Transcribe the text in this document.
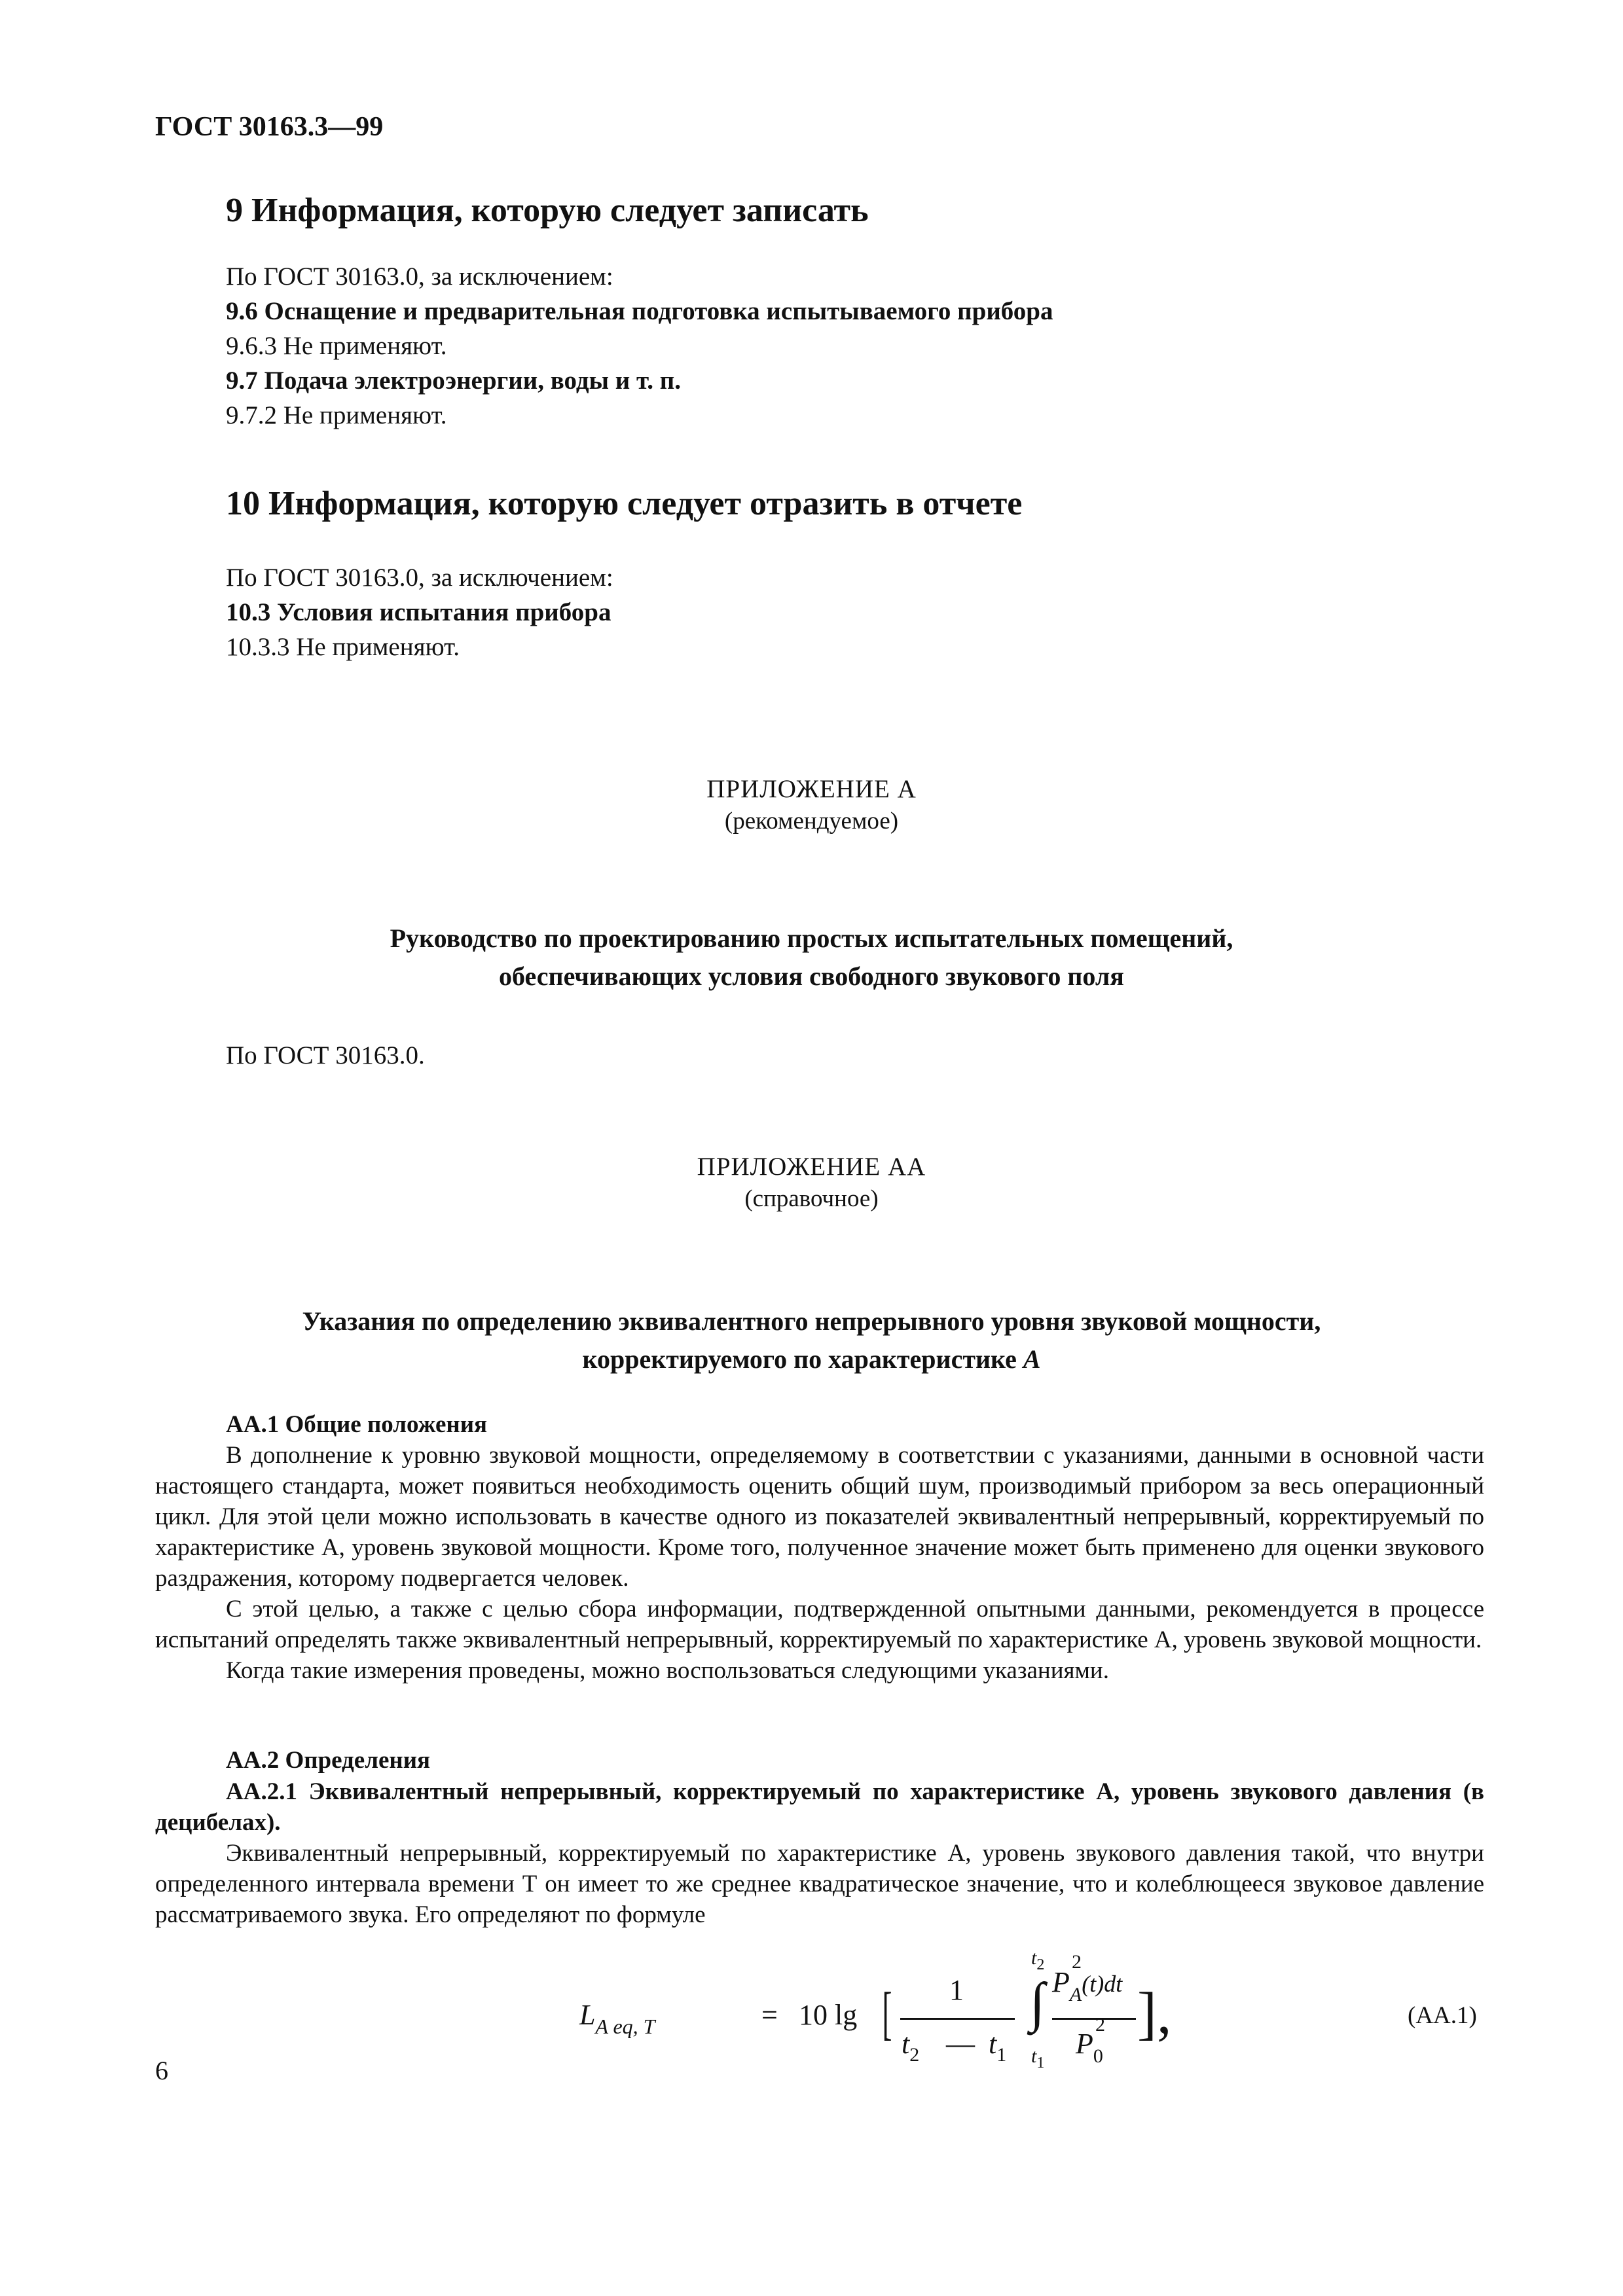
ГОСТ 30163.3—99
9 Информация, которую следует записать
По ГОСТ 30163.0, за исключением:
9.6 Оснащение и предварительная подготовка испытываемого прибора
9.6.3 Не применяют.
9.7 Подача электроэнергии, воды и т. п.
9.7.2 Не применяют.
10 Информация, которую следует отразить в отчете
По ГОСТ 30163.0, за исключением:
10.3 Условия испытания прибора
10.3.3 Не применяют.
ПРИЛОЖЕНИЕ А
(рекомендуемое)
Руководство по проектированию простых испытательных помещений,
обеспечивающих условия свободного звукового поля
По ГОСТ 30163.0.
ПРИЛОЖЕНИЕ АА
(справочное)
Указания по определению эквивалентного непрерывного уровня звуковой мощности,
корректируемого по характеристике А
АА.1 Общие положения
В дополнение к уровню звуковой мощности, определяемому в соответствии с указаниями, данными в основной части настоящего стандарта, может появиться необходимость оценить общий шум, производимый прибором за весь операционный цикл. Для этой цели можно использовать в качестве одного из показателей эквивалентный непрерывный, корректируемый по характеристике А, уровень звуковой мощности. Кроме того, полученное значение может быть применено для оценки звукового раздражения, которому подвергается человек.
С этой целью, а также с целью сбора информации, подтвержденной опытными данными, рекомендуется в процессе испытаний определять также эквивалентный непрерывный, корректируемый по характеристике А, уровень звуковой мощности.
Когда такие измерения проведены, можно воспользоваться следующими указаниями.
АА.2 Определения
АА.2.1 Эквивалентный непрерывный, корректируемый по характеристике А, уровень звукового давления (в децибелах).
Эквивалентный непрерывный, корректируемый по характеристике А, уровень звукового давления такой, что внутри определенного интервала времени Т он имеет то же среднее квадратическое значение, что и колеблющееся звуковое давление рассматриваемого звука. Его определяют по формуле
$L_{A eq, T}$	= 10 lg [ 1
$t_2$ — $t_1$
$t_2$
∫
$t_1$
P
2
$_A$(t)dt
P
2
$_0$
],	(АА.1)
6
